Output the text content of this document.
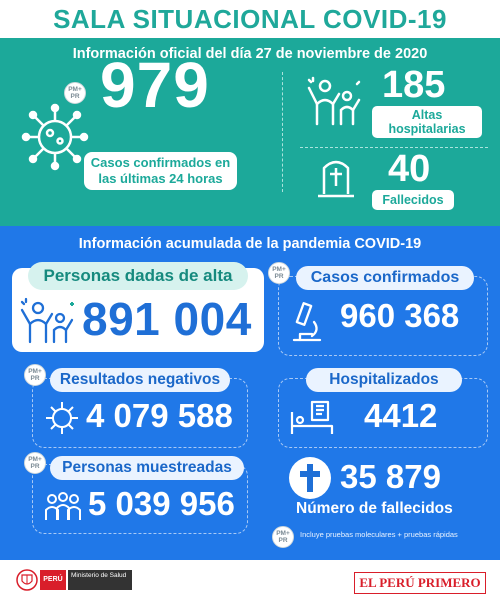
SALA SITUACIONAL COVID-19
Información oficial del día 27 de noviembre de 2020
PM+ PR 979
Casos confirmados en las últimas 24 horas
185
Altas hospitalarias
40
Fallecidos
Información acumulada de la pandemia COVID-19
Personas dadas de alta
891 004
PM+ PR	Casos confirmados
960 368
PM+ PR	Resultados negativos
4 079 588
Hospitalizados
4412
PM+ PR	Personas muestreadas
5 039 956
35 879
Número de fallecidos
PM+ PR
Incluye pruebas moleculares + pruebas rápidas
PERÚ
Ministerio de Salud	EL PERÚ PRIMERO
